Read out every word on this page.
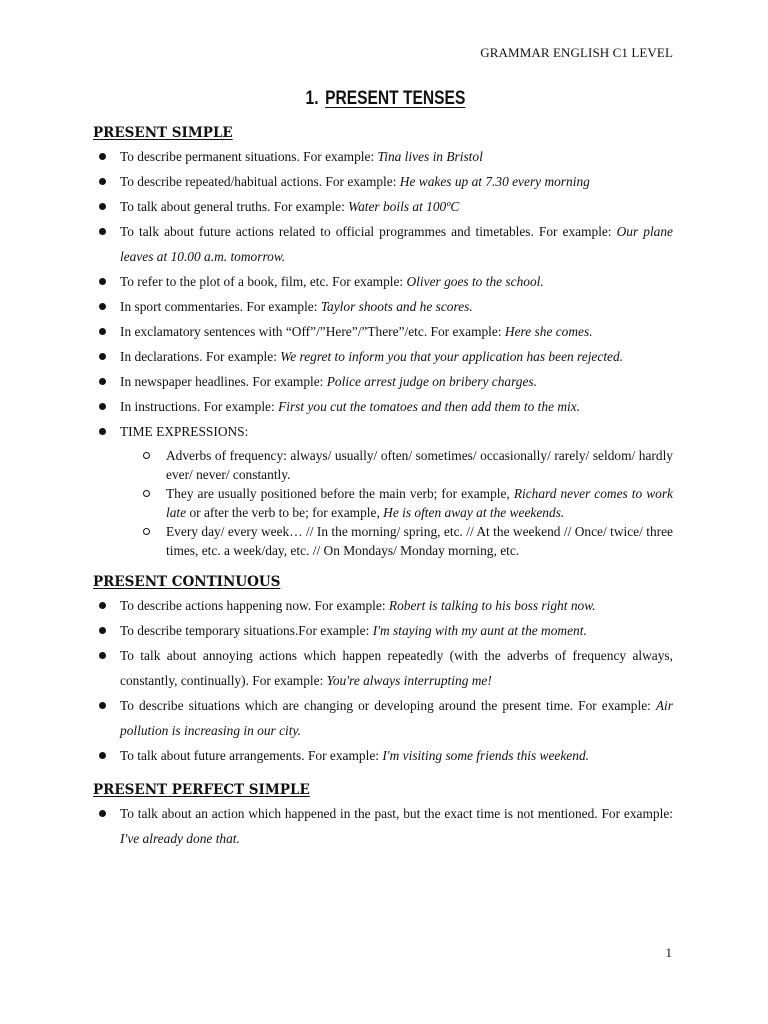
GRAMMAR ENGLISH C1 LEVEL
1. PRESENT TENSES
PRESENT SIMPLE
To describe permanent situations. For example: Tina lives in Bristol
To describe repeated/habitual actions. For example: He wakes up at 7.30 every morning
To talk about general truths. For example: Water boils at 100ºC
To talk about future actions related to official programmes and timetables. For example: Our plane leaves at 10.00 a.m. tomorrow.
To refer to the plot of a book, film, etc. For example: Oliver goes to the school.
In sport commentaries. For example: Taylor shoots and he scores.
In exclamatory sentences with “Off”/”Here”/”There”/etc. For example: Here she comes.
In declarations. For example: We regret to inform you that your application has been rejected.
In newspaper headlines. For example: Police arrest judge on bribery charges.
In instructions. For example: First you cut the tomatoes and then add them to the mix.
TIME EXPRESSIONS:
Adverbs of frequency: always/ usually/ often/ sometimes/ occasionally/ rarely/ seldom/ hardly ever/ never/ constantly.
They are usually positioned before the main verb; for example, Richard never comes to work late or after the verb to be; for example, He is often away at the weekends.
Every day/ every week… // In the morning/ spring, etc. // At the weekend // Once/ twice/ three times, etc. a week/day, etc. // On Mondays/ Monday morning, etc.
PRESENT CONTINUOUS
To describe actions happening now. For example: Robert is talking to his boss right now.
To describe temporary situations.For example: I'm staying with my aunt at the moment.
To talk about annoying actions which happen repeatedly (with the adverbs of frequency always, constantly, continually). For example: You're always interrupting me!
To describe situations which are changing or developing around the present time. For example: Air pollution is increasing in our city.
To talk about future arrangements. For example: I'm visiting some friends this weekend.
PRESENT PERFECT SIMPLE
To talk about an action which happened in the past, but the exact time is not mentioned. For example: I've already done that.
1
